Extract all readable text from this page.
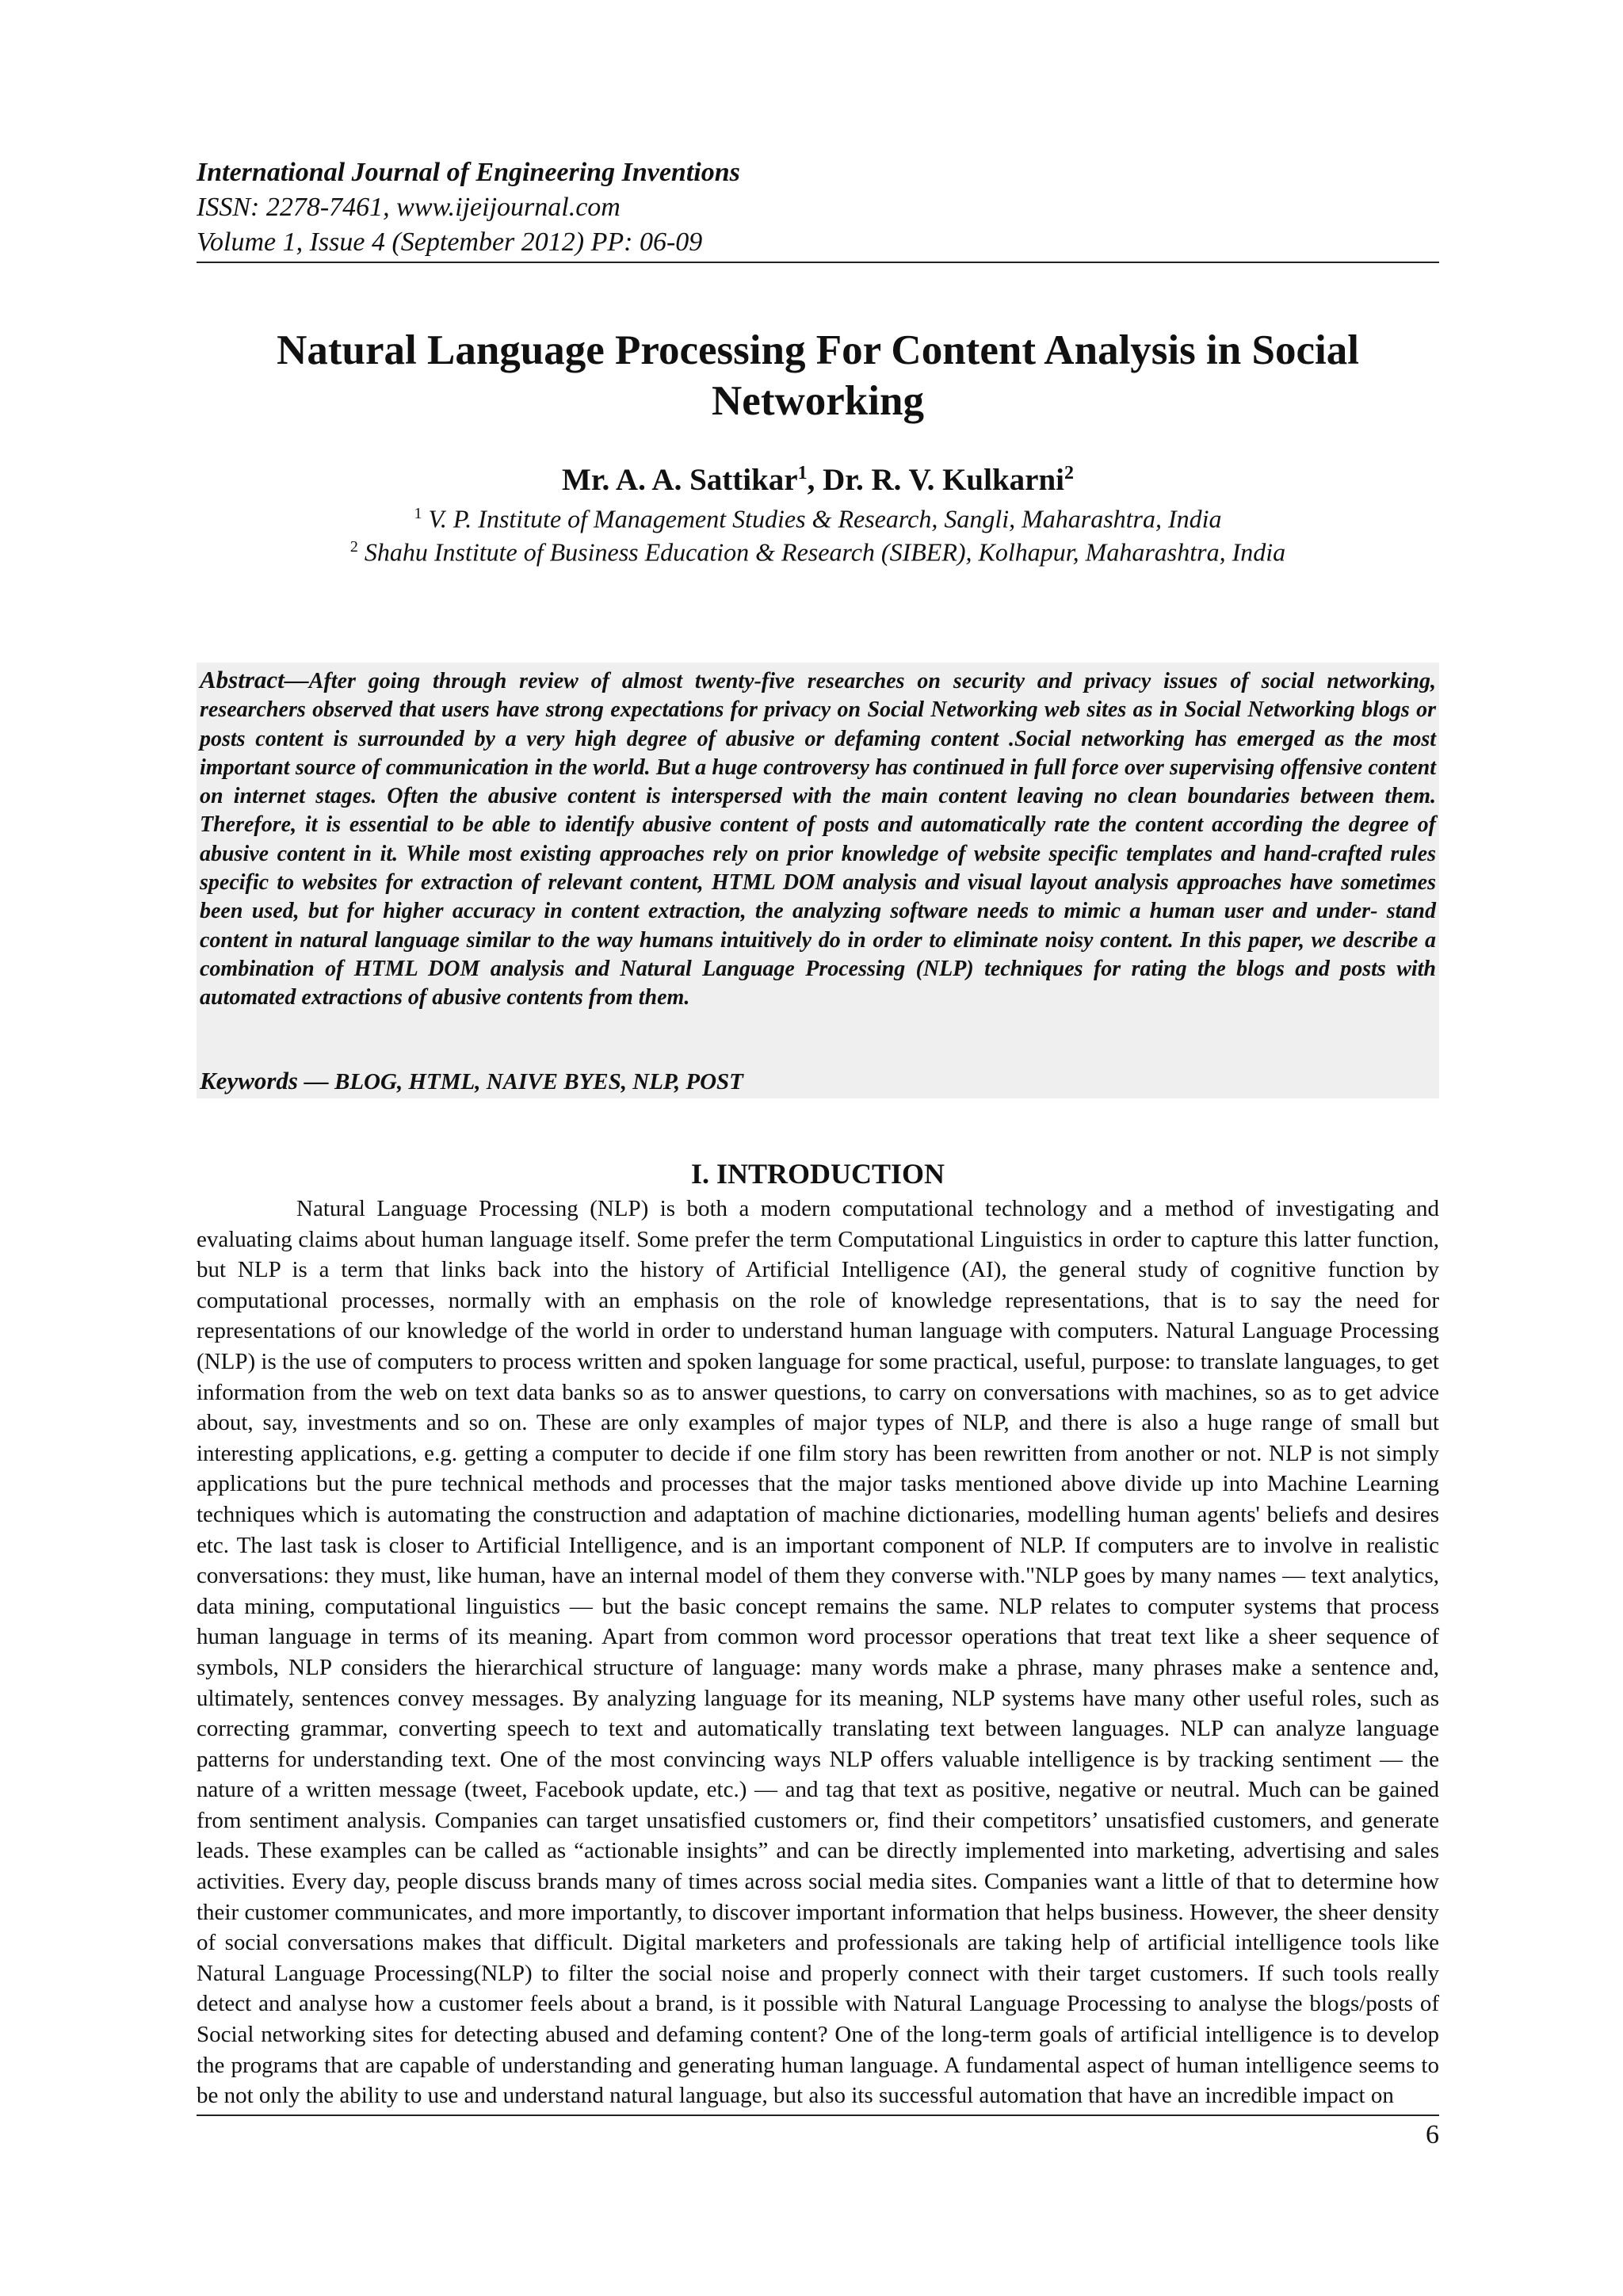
International Journal of Engineering Inventions
ISSN: 2278-7461, www.ijeijournal.com
Volume 1, Issue 4 (September 2012) PP: 06-09
Natural Language Processing For Content Analysis in Social Networking
Mr. A. A. Sattikar$^1$, Dr. R. V. Kulkarni$^2$
$^1$ V. P. Institute of Management Studies & Research, Sangli, Maharashtra, India
$^2$ Shahu Institute of Business Education & Research (SIBER), Kolhapur, Maharashtra, India
Abstract—After going through review of almost twenty-five researches on security and privacy issues of social networking, researchers observed that users have strong expectations for privacy on Social Networking web sites as in Social Networking blogs or posts content is surrounded by a very high degree of abusive or defaming content .Social networking has emerged as the most important source of communication in the world. But a huge controversy has continued in full force over supervising offensive content on internet stages. Often the abusive content is interspersed with the main content leaving no clean boundaries between them. Therefore, it is essential to be able to identify abusive content of posts and automatically rate the content according the degree of abusive content in it. While most existing approaches rely on prior knowledge of website specific templates and hand-crafted rules specific to websites for extraction of relevant content, HTML DOM analysis and visual layout analysis approaches have sometimes been used, but for higher accuracy in content extraction, the analyzing software needs to mimic a human user and under- stand content in natural language similar to the way humans intuitively do in order to eliminate noisy content. In this paper, we describe a combination of HTML DOM analysis and Natural Language Processing (NLP) techniques for rating the blogs and posts with automated extractions of abusive contents from them.
Keywords — BLOG, HTML, NAIVE BYES, NLP, POST
I. INTRODUCTION
Natural Language Processing (NLP) is both a modern computational technology and a method of investigating and evaluating claims about human language itself. Some prefer the term Computational Linguistics in order to capture this latter function, but NLP is a term that links back into the history of Artificial Intelligence (AI), the general study of cognitive function by computational processes, normally with an emphasis on the role of knowledge representations, that is to say the need for representations of our knowledge of the world in order to understand human language with computers. Natural Language Processing (NLP) is the use of computers to process written and spoken language for some practical, useful, purpose: to translate languages, to get information from the web on text data banks so as to answer questions, to carry on conversations with machines, so as to get advice about, say, investments and so on. These are only examples of major types of NLP, and there is also a huge range of small but interesting applications, e.g. getting a computer to decide if one film story has been rewritten from another or not. NLP is not simply applications but the pure technical methods and processes that the major tasks mentioned above divide up into Machine Learning techniques which is automating the construction and adaptation of machine dictionaries, modelling human agents' beliefs and desires etc. The last task is closer to Artificial Intelligence, and is an important component of NLP. If computers are to involve in realistic conversations: they must, like human, have an internal model of them they converse with."NLP goes by many names — text analytics, data mining, computational linguistics — but the basic concept remains the same. NLP relates to computer systems that process human language in terms of its meaning. Apart from common word processor operations that treat text like a sheer sequence of symbols, NLP considers the hierarchical structure of language: many words make a phrase, many phrases make a sentence and, ultimately, sentences convey messages. By analyzing language for its meaning, NLP systems have many other useful roles, such as correcting grammar, converting speech to text and automatically translating text between languages. NLP can analyze language patterns for understanding text. One of the most convincing ways NLP offers valuable intelligence is by tracking sentiment — the nature of a written message (tweet, Facebook update, etc.) — and tag that text as positive, negative or neutral. Much can be gained from sentiment analysis. Companies can target unsatisfied customers or, find their competitors’ unsatisfied customers, and generate leads. These examples can be called as “actionable insights” and can be directly implemented into marketing, advertising and sales activities. Every day, people discuss brands many of times across social media sites. Companies want a little of that to determine how their customer communicates, and more importantly, to discover important information that helps business. However, the sheer density of social conversations makes that difficult. Digital marketers and professionals are taking help of artificial intelligence tools like Natural Language Processing(NLP) to filter the social noise and properly connect with their target customers. If such tools really detect and analyse how a customer feels about a brand, is it possible with Natural Language Processing to analyse the blogs/posts of Social networking sites for detecting abused and defaming content? One of the long-term goals of artificial intelligence is to develop the programs that are capable of understanding and generating human language. A fundamental aspect of human intelligence seems to be not only the ability to use and understand natural language, but also its successful automation that have an incredible impact on
6
